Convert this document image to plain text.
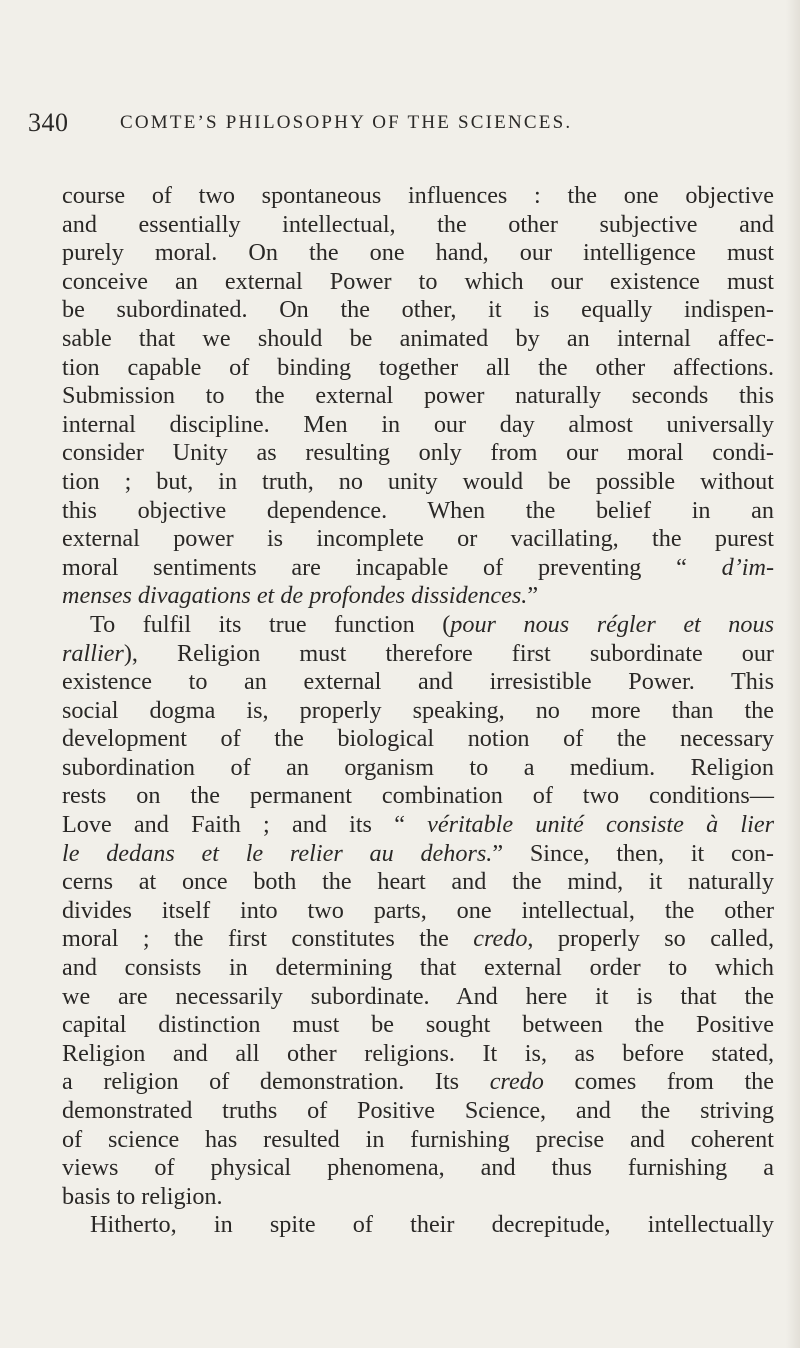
340	COMTE’S PHILOSOPHY OF THE SCIENCES.
course of two spontaneous influences : the one objective
and essentially intellectual, the other subjective and
purely moral. On the one hand, our intelligence must
conceive an external Power to which our existence must
be subordinated. On the other, it is equally indispen-
sable that we should be animated by an internal affec-
tion capable of binding together all the other affections.
Submission to the external power naturally seconds this
internal discipline. Men in our day almost universally
consider Unity as resulting only from our moral condi-
tion ; but, in truth, no unity would be possible without
this objective dependence. When the belief in an
external power is incomplete or vacillating, the purest
moral sentiments are incapable of preventing “ d’im-
menses divagations et de profondes dissidences.”
To fulfil its true function (pour nous régler et nous
rallier), Religion must therefore first subordinate our
existence to an external and irresistible Power. This
social dogma is, properly speaking, no more than the
development of the biological notion of the necessary
subordination of an organism to a medium. Religion
rests on the permanent combination of two conditions—
Love and Faith ; and its “ véritable unité consiste à lier
le dedans et le relier au dehors.” Since, then, it con-
cerns at once both the heart and the mind, it naturally
divides itself into two parts, one intellectual, the other
moral ; the first constitutes the credo, properly so called,
and consists in determining that external order to which
we are necessarily subordinate. And here it is that the
capital distinction must be sought between the Positive
Religion and all other religions. It is, as before stated,
a religion of demonstration. Its credo comes from the
demonstrated truths of Positive Science, and the striving
of science has resulted in furnishing precise and coherent
views of physical phenomena, and thus furnishing a
basis to religion.
Hitherto, in spite of their decrepitude, intellectually
